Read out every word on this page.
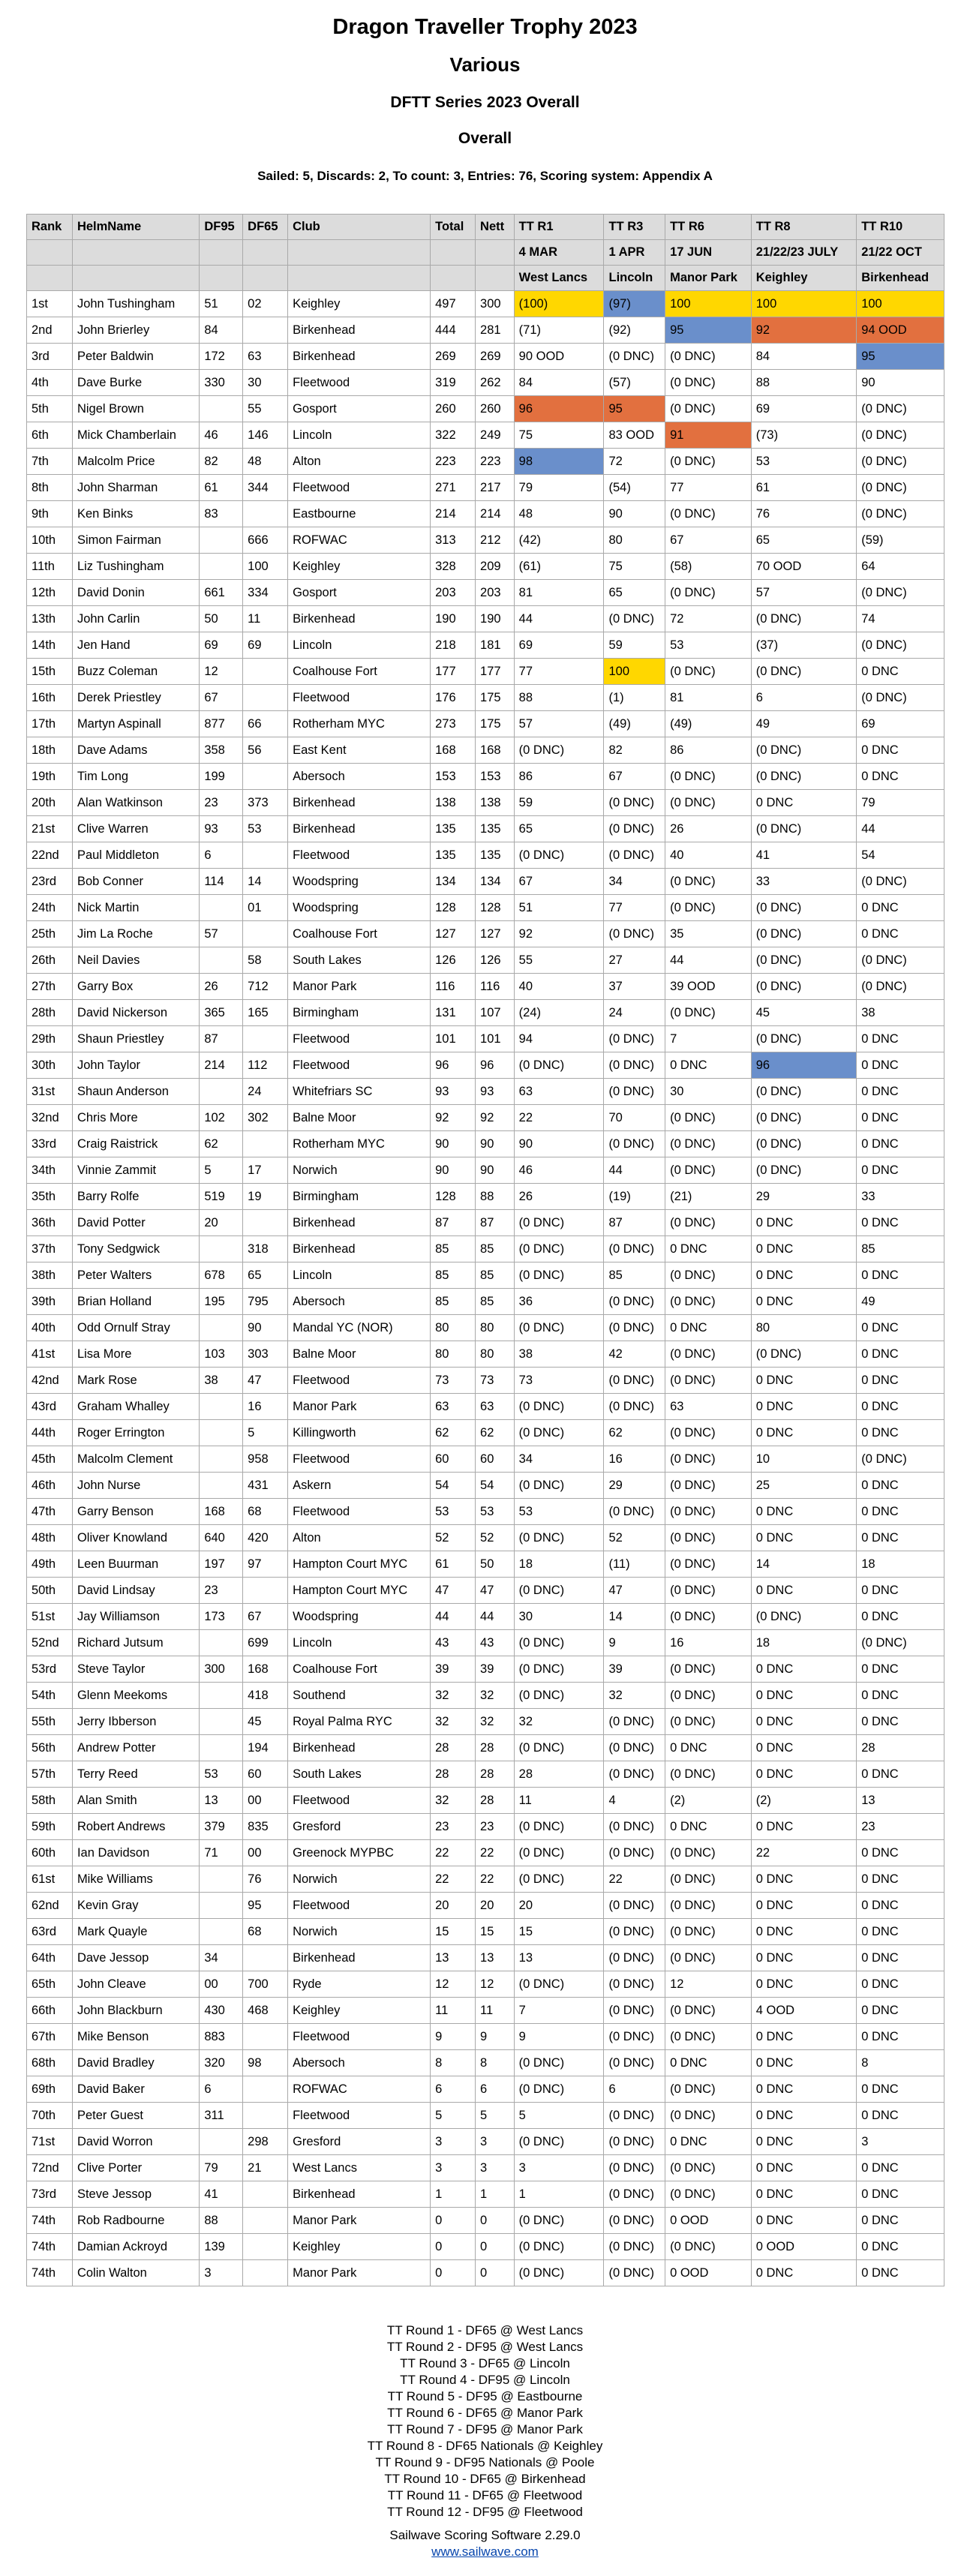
Dragon Traveller Trophy 2023
Various
DFTT Series 2023 Overall
Overall
Sailed: 5, Discards: 2, To count: 3, Entries: 76, Scoring system: Appendix A
Rank	HelmName	DF95	DF65	Club	Total	Nett	TT R1	TT R3	TT R6	TT R8	TT R10
							4 MAR	1 APR	17 JUN	21/22/23 JULY	21/22 OCT
							West Lancs	Lincoln	Manor Park	Keighley	Birkenhead
1st	John Tushingham	51	02	Keighley	497	300	(100)	(97)	100	100	100
2nd	John Brierley	84		Birkenhead	444	281	(71)	(92)	95	92	94 OOD
3rd	Peter Baldwin	172	63	Birkenhead	269	269	90 OOD	(0 DNC)	(0 DNC)	84	95
4th	Dave Burke	330	30	Fleetwood	319	262	84	(57)	(0 DNC)	88	90
5th	Nigel Brown		55	Gosport	260	260	96	95	(0 DNC)	69	(0 DNC)
6th	Mick Chamberlain	46	146	Lincoln	322	249	75	83 OOD	91	(73)	(0 DNC)
7th	Malcolm Price	82	48	Alton	223	223	98	72	(0 DNC)	53	(0 DNC)
8th	John Sharman	61	344	Fleetwood	271	217	79	(54)	77	61	(0 DNC)
9th	Ken Binks	83		Eastbourne	214	214	48	90	(0 DNC)	76	(0 DNC)
10th	Simon Fairman		666	ROFWAC	313	212	(42)	80	67	65	(59)
11th	Liz Tushingham		100	Keighley	328	209	(61)	75	(58)	70 OOD	64
12th	David Donin	661	334	Gosport	203	203	81	65	(0 DNC)	57	(0 DNC)
13th	John Carlin	50	11	Birkenhead	190	190	44	(0 DNC)	72	(0 DNC)	74
14th	Jen Hand	69	69	Lincoln	218	181	69	59	53	(37)	(0 DNC)
15th	Buzz Coleman	12		Coalhouse Fort	177	177	77	100	(0 DNC)	(0 DNC)	0 DNC
16th	Derek Priestley	67		Fleetwood	176	175	88	(1)	81	6	(0 DNC)
17th	Martyn Aspinall	877	66	Rotherham MYC	273	175	57	(49)	(49)	49	69
18th	Dave Adams	358	56	East Kent	168	168	(0 DNC)	82	86	(0 DNC)	0 DNC
19th	Tim Long	199		Abersoch	153	153	86	67	(0 DNC)	(0 DNC)	0 DNC
20th	Alan Watkinson	23	373	Birkenhead	138	138	59	(0 DNC)	(0 DNC)	0 DNC	79
21st	Clive Warren	93	53	Birkenhead	135	135	65	(0 DNC)	26	(0 DNC)	44
22nd	Paul Middleton	6		Fleetwood	135	135	(0 DNC)	(0 DNC)	40	41	54
23rd	Bob Conner	114	14	Woodspring	134	134	67	34	(0 DNC)	33	(0 DNC)
24th	Nick Martin		01	Woodspring	128	128	51	77	(0 DNC)	(0 DNC)	0 DNC
25th	Jim La Roche	57		Coalhouse Fort	127	127	92	(0 DNC)	35	(0 DNC)	0 DNC
26th	Neil Davies		58	South Lakes	126	126	55	27	44	(0 DNC)	(0 DNC)
27th	Garry Box	26	712	Manor Park	116	116	40	37	39 OOD	(0 DNC)	(0 DNC)
28th	David Nickerson	365	165	Birmingham	131	107	(24)	24	(0 DNC)	45	38
29th	Shaun Priestley	87		Fleetwood	101	101	94	(0 DNC)	7	(0 DNC)	0 DNC
30th	John Taylor	214	112	Fleetwood	96	96	(0 DNC)	(0 DNC)	0 DNC	96	0 DNC
31st	Shaun Anderson		24	Whitefriars SC	93	93	63	(0 DNC)	30	(0 DNC)	0 DNC
32nd	Chris More	102	302	Balne Moor	92	92	22	70	(0 DNC)	(0 DNC)	0 DNC
33rd	Craig Raistrick	62		Rotherham MYC	90	90	90	(0 DNC)	(0 DNC)	(0 DNC)	0 DNC
34th	Vinnie Zammit	5	17	Norwich	90	90	46	44	(0 DNC)	(0 DNC)	0 DNC
35th	Barry Rolfe	519	19	Birmingham	128	88	26	(19)	(21)	29	33
36th	David Potter	20		Birkenhead	87	87	(0 DNC)	87	(0 DNC)	0 DNC	0 DNC
37th	Tony Sedgwick		318	Birkenhead	85	85	(0 DNC)	(0 DNC)	0 DNC	0 DNC	85
38th	Peter Walters	678	65	Lincoln	85	85	(0 DNC)	85	(0 DNC)	0 DNC	0 DNC
39th	Brian Holland	195	795	Abersoch	85	85	36	(0 DNC)	(0 DNC)	0 DNC	49
40th	Odd Ornulf Stray		90	Mandal YC (NOR)	80	80	(0 DNC)	(0 DNC)	0 DNC	80	0 DNC
41st	Lisa More	103	303	Balne Moor	80	80	38	42	(0 DNC)	(0 DNC)	0 DNC
42nd	Mark Rose	38	47	Fleetwood	73	73	73	(0 DNC)	(0 DNC)	0 DNC	0 DNC
43rd	Graham Whalley		16	Manor Park	63	63	(0 DNC)	(0 DNC)	63	0 DNC	0 DNC
44th	Roger Errington		5	Killingworth	62	62	(0 DNC)	62	(0 DNC)	0 DNC	0 DNC
45th	Malcolm Clement		958	Fleetwood	60	60	34	16	(0 DNC)	10	(0 DNC)
46th	John Nurse		431	Askern	54	54	(0 DNC)	29	(0 DNC)	25	0 DNC
47th	Garry Benson	168	68	Fleetwood	53	53	53	(0 DNC)	(0 DNC)	0 DNC	0 DNC
48th	Oliver Knowland	640	420	Alton	52	52	(0 DNC)	52	(0 DNC)	0 DNC	0 DNC
49th	Leen Buurman	197	97	Hampton Court MYC	61	50	18	(11)	(0 DNC)	14	18
50th	David Lindsay	23		Hampton Court MYC	47	47	(0 DNC)	47	(0 DNC)	0 DNC	0 DNC
51st	Jay Williamson	173	67	Woodspring	44	44	30	14	(0 DNC)	(0 DNC)	0 DNC
52nd	Richard Jutsum		699	Lincoln	43	43	(0 DNC)	9	16	18	(0 DNC)
53rd	Steve Taylor	300	168	Coalhouse Fort	39	39	(0 DNC)	39	(0 DNC)	0 DNC	0 DNC
54th	Glenn Meekoms		418	Southend	32	32	(0 DNC)	32	(0 DNC)	0 DNC	0 DNC
55th	Jerry Ibberson		45	Royal Palma RYC	32	32	32	(0 DNC)	(0 DNC)	0 DNC	0 DNC
56th	Andrew Potter		194	Birkenhead	28	28	(0 DNC)	(0 DNC)	0 DNC	0 DNC	28
57th	Terry Reed	53	60	South Lakes	28	28	28	(0 DNC)	(0 DNC)	0 DNC	0 DNC
58th	Alan Smith	13	00	Fleetwood	32	28	11	4	(2)	(2)	13
59th	Robert Andrews	379	835	Gresford	23	23	(0 DNC)	(0 DNC)	0 DNC	0 DNC	23
60th	Ian Davidson	71	00	Greenock MYPBC	22	22	(0 DNC)	(0 DNC)	(0 DNC)	22	0 DNC
61st	Mike Williams		76	Norwich	22	22	(0 DNC)	22	(0 DNC)	0 DNC	0 DNC
62nd	Kevin Gray		95	Fleetwood	20	20	20	(0 DNC)	(0 DNC)	0 DNC	0 DNC
63rd	Mark Quayle		68	Norwich	15	15	15	(0 DNC)	(0 DNC)	0 DNC	0 DNC
64th	Dave Jessop	34		Birkenhead	13	13	13	(0 DNC)	(0 DNC)	0 DNC	0 DNC
65th	John Cleave	00	700	Ryde	12	12	(0 DNC)	(0 DNC)	12	0 DNC	0 DNC
66th	John Blackburn	430	468	Keighley	11	11	7	(0 DNC)	(0 DNC)	4 OOD	0 DNC
67th	Mike Benson	883		Fleetwood	9	9	9	(0 DNC)	(0 DNC)	0 DNC	0 DNC
68th	David Bradley	320	98	Abersoch	8	8	(0 DNC)	(0 DNC)	0 DNC	0 DNC	8
69th	David Baker	6		ROFWAC	6	6	(0 DNC)	6	(0 DNC)	0 DNC	0 DNC
70th	Peter Guest	311		Fleetwood	5	5	5	(0 DNC)	(0 DNC)	0 DNC	0 DNC
71st	David Worron		298	Gresford	3	3	(0 DNC)	(0 DNC)	0 DNC	0 DNC	3
72nd	Clive Porter	79	21	West Lancs	3	3	3	(0 DNC)	(0 DNC)	0 DNC	0 DNC
73rd	Steve Jessop	41		Birkenhead	1	1	1	(0 DNC)	(0 DNC)	0 DNC	0 DNC
74th	Rob Radbourne	88		Manor Park	0	0	(0 DNC)	(0 DNC)	0 OOD	0 DNC	0 DNC
74th	Damian Ackroyd	139		Keighley	0	0	(0 DNC)	(0 DNC)	(0 DNC)	0 OOD	0 DNC
74th	Colin Walton	3		Manor Park	0	0	(0 DNC)	(0 DNC)	0 OOD	0 DNC	0 DNC
TT Round 1 - DF65 @ West Lancs
TT Round 2 - DF95 @ West Lancs
TT Round 3 - DF65 @ Lincoln
TT Round 4 - DF95 @ Lincoln
TT Round 5 - DF95 @ Eastbourne
TT Round 6 - DF65 @ Manor Park
TT Round 7 - DF95 @ Manor Park
TT Round 8 - DF65 Nationals @ Keighley
TT Round 9 - DF95 Nationals @ Poole
TT Round 10 - DF65 @ Birkenhead
TT Round 11 - DF65 @ Fleetwood
TT Round 12 - DF95 @ Fleetwood
Sailwave Scoring Software 2.29.0
www.sailwave.com
